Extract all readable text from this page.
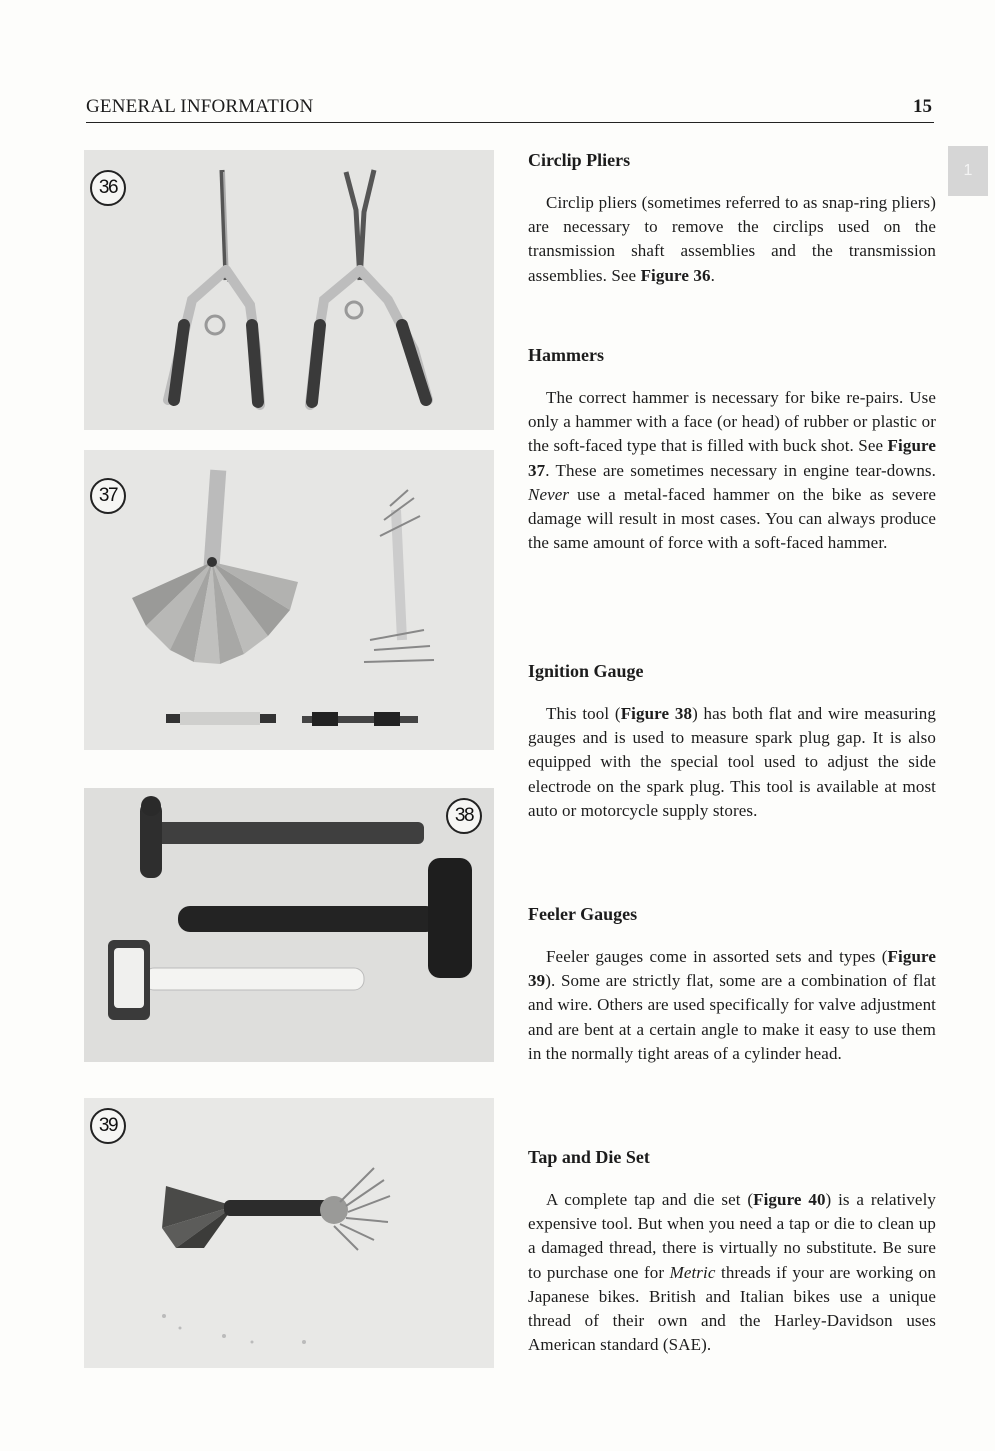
GENERAL INFORMATION	15
1
36
37
38
39
Circlip Pliers

Circlip pliers (sometimes referred to as snap-ring pliers) are necessary to remove the circlips used on the transmission shaft assemblies and the transmission assemblies. See Figure 36.

Hammers

The correct hammer is necessary for bike re-pairs. Use only a hammer with a face (or head) of rubber or plastic or the soft-faced type that is filled with buck shot. See Figure 37. These are sometimes necessary in engine tear-downs. Never use a metal-faced hammer on the bike as severe damage will result in most cases. You can always produce the same amount of force with a soft-faced hammer.

Ignition Gauge

This tool (Figure 38) has both flat and wire measuring gauges and is used to measure spark plug gap. It is also equipped with the special tool used to adjust the side electrode on the spark plug. This tool is available at most auto or motorcycle supply stores.

Feeler Gauges

Feeler gauges come in assorted sets and types (Figure 39). Some are strictly flat, some are a combination of flat and wire. Others are used specifically for valve adjustment and are bent at a certain angle to make it easy to use them in the normally tight areas of a cylinder head.

Tap and Die Set

A complete tap and die set (Figure 40) is a relatively expensive tool. But when you need a tap or die to clean up a damaged thread, there is virtually no substitute. Be sure to purchase one for Metric threads if your are working on Japanese bikes. British and Italian bikes use a unique thread of their own and the Harley-Davidson uses American standard (SAE).
